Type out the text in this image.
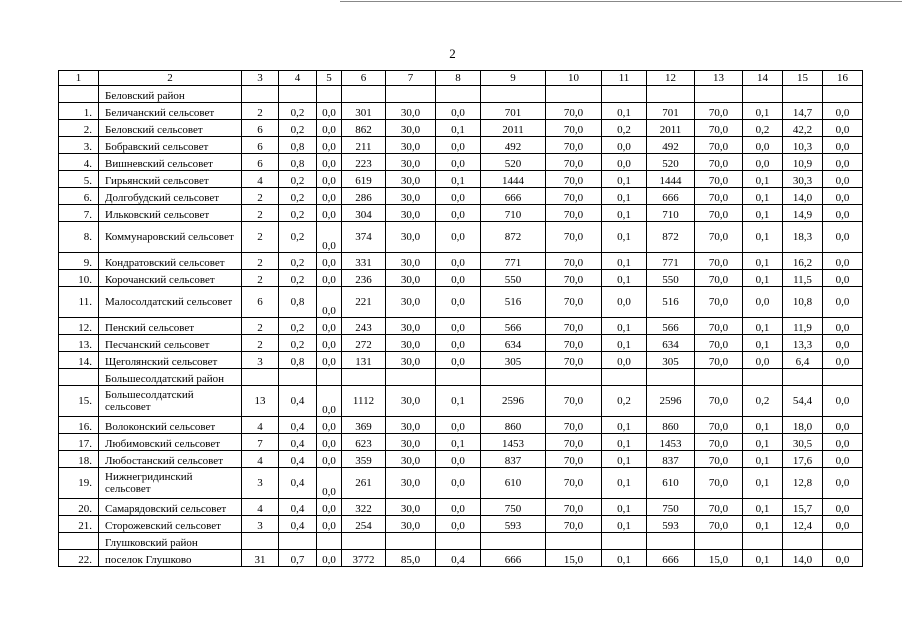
2
1	2	3	4	5	6	7	8	9	10	11	12	13	14	15	16
	Беловский район														
1.	Беличанский сельсовет	2	0,2	0,0	301	30,0	0,0	701	70,0	0,1	701	70,0	0,1	14,7	0,0
2.	Беловский сельсовет	6	0,2	0,0	862	30,0	0,1	2011	70,0	0,2	2011	70,0	0,2	42,2	0,0
3.	Бобравский сельсовет	6	0,8	0,0	211	30,0	0,0	492	70,0	0,0	492	70,0	0,0	10,3	0,0
4.	Вишневский сельсовет	6	0,8	0,0	223	30,0	0,0	520	70,0	0,0	520	70,0	0,0	10,9	0,0
5.	Гирьянский сельсовет	4	0,2	0,0	619	30,0	0,1	1444	70,0	0,1	1444	70,0	0,1	30,3	0,0
6.	Долгобудский сельсовет	2	0,2	0,0	286	30,0	0,0	666	70,0	0,1	666	70,0	0,1	14,0	0,0
7.	Ильковский сельсовет	2	0,2	0,0	304	30,0	0,0	710	70,0	0,1	710	70,0	0,1	14,9	0,0
8.	Коммунаровский сельсовет	2	0,2	0,0	374	30,0	0,0	872	70,0	0,1	872	70,0	0,1	18,3	0,0
9.	Кондратовский сельсовет	2	0,2	0,0	331	30,0	0,0	771	70,0	0,1	771	70,0	0,1	16,2	0,0
10.	Корочанский сельсовет	2	0,2	0,0	236	30,0	0,0	550	70,0	0,1	550	70,0	0,1	11,5	0,0
11.	Малосолдатский сельсовет	6	0,8	0,0	221	30,0	0,0	516	70,0	0,0	516	70,0	0,0	10,8	0,0
12.	Пенский сельсовет	2	0,2	0,0	243	30,0	0,0	566	70,0	0,1	566	70,0	0,1	11,9	0,0
13.	Песчанский сельсовет	2	0,2	0,0	272	30,0	0,0	634	70,0	0,1	634	70,0	0,1	13,3	0,0
14.	Щеголянский сельсовет	3	0,8	0,0	131	30,0	0,0	305	70,0	0,0	305	70,0	0,0	6,4	0,0
	Большесолдатский район														
15.	Большесолдатский сельсовет	13	0,4	0,0	1112	30,0	0,1	2596	70,0	0,2	2596	70,0	0,2	54,4	0,0
16.	Волоконский сельсовет	4	0,4	0,0	369	30,0	0,0	860	70,0	0,1	860	70,0	0,1	18,0	0,0
17.	Любимовский сельсовет	7	0,4	0,0	623	30,0	0,1	1453	70,0	0,1	1453	70,0	0,1	30,5	0,0
18.	Любостанский сельсовет	4	0,4	0,0	359	30,0	0,0	837	70,0	0,1	837	70,0	0,1	17,6	0,0
19.	Нижнегридинский сельсовет	3	0,4	0,0	261	30,0	0,0	610	70,0	0,1	610	70,0	0,1	12,8	0,0
20.	Самарядовский сельсовет	4	0,4	0,0	322	30,0	0,0	750	70,0	0,1	750	70,0	0,1	15,7	0,0
21.	Сторожевский сельсовет	3	0,4	0,0	254	30,0	0,0	593	70,0	0,1	593	70,0	0,1	12,4	0,0
	Глушковский район														
22.	поселок Глушково	31	0,7	0,0	3772	85,0	0,4	666	15,0	0,1	666	15,0	0,1	14,0	0,0
